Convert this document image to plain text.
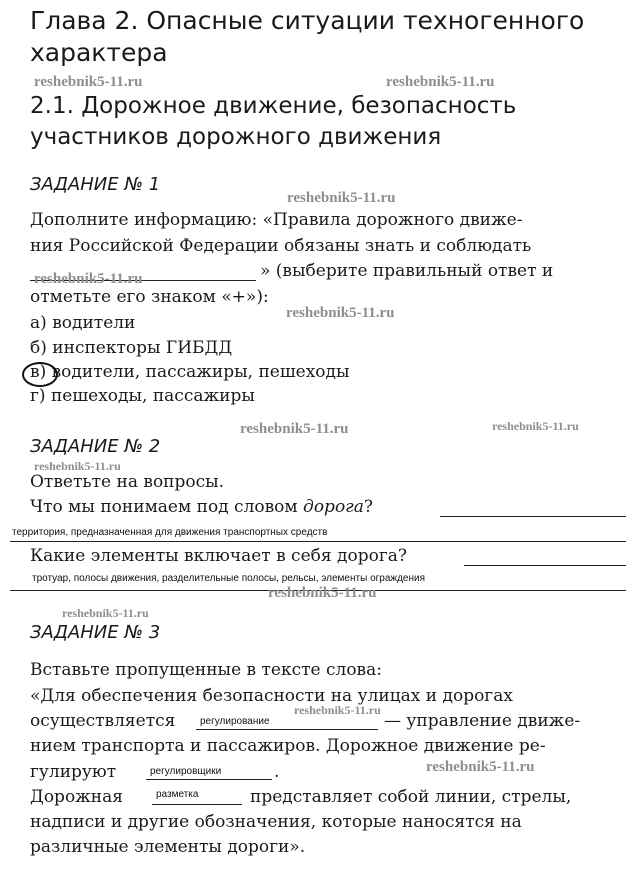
Глава 2. Опасные ситуации техногенного
характера
reshebnik5-11.ru	reshebnik5-11.ru
2.1. Дорожное движение, безопасность
участников дорожного движения
ЗАДАНИЕ № 1
reshebnik5-11.ru
Дополните информацию: «Правила дорожного движе-
ния Российской Федерации обязаны знать и соблюдать
reshebnik5-11.ru	» (выберите правильный ответ и
отметьте его знаком «+»):
reshebnik5-11.ru
а) водители
б) инспекторы ГИБДД
в) водители, пассажиры, пешеходы
г) пешеходы, пассажиры
reshebnik5-11.ru	reshebnik5-11.ru
ЗАДАНИЕ № 2
reshebnik5-11.ru
Ответьте на вопросы.
Что мы понимаем под словом дорога?
территория, предназначенная для движения транспортных средств
Какие элементы включает в себя дорога?
тротуар, полосы движения, разделительные полосы, рельсы, элементы ограждения
reshebnik5-11.ru
reshebnik5-11.ru
ЗАДАНИЕ № 3
Вставьте пропущенные в тексте слова:
«Для обеспечения безопасности на улицах и дорогах
осуществляется регулирование
reshebnik5-11.ru
— управление движе-
нием транспорта и пассажиров. Дорожное движение ре-
гулируют	регулировщики	.	reshebnik5-11.ru
Дорожная	разметка	представляет собой линии, стрелы,
надписи и другие обозначения, которые наносятся на
различные элементы дороги».
